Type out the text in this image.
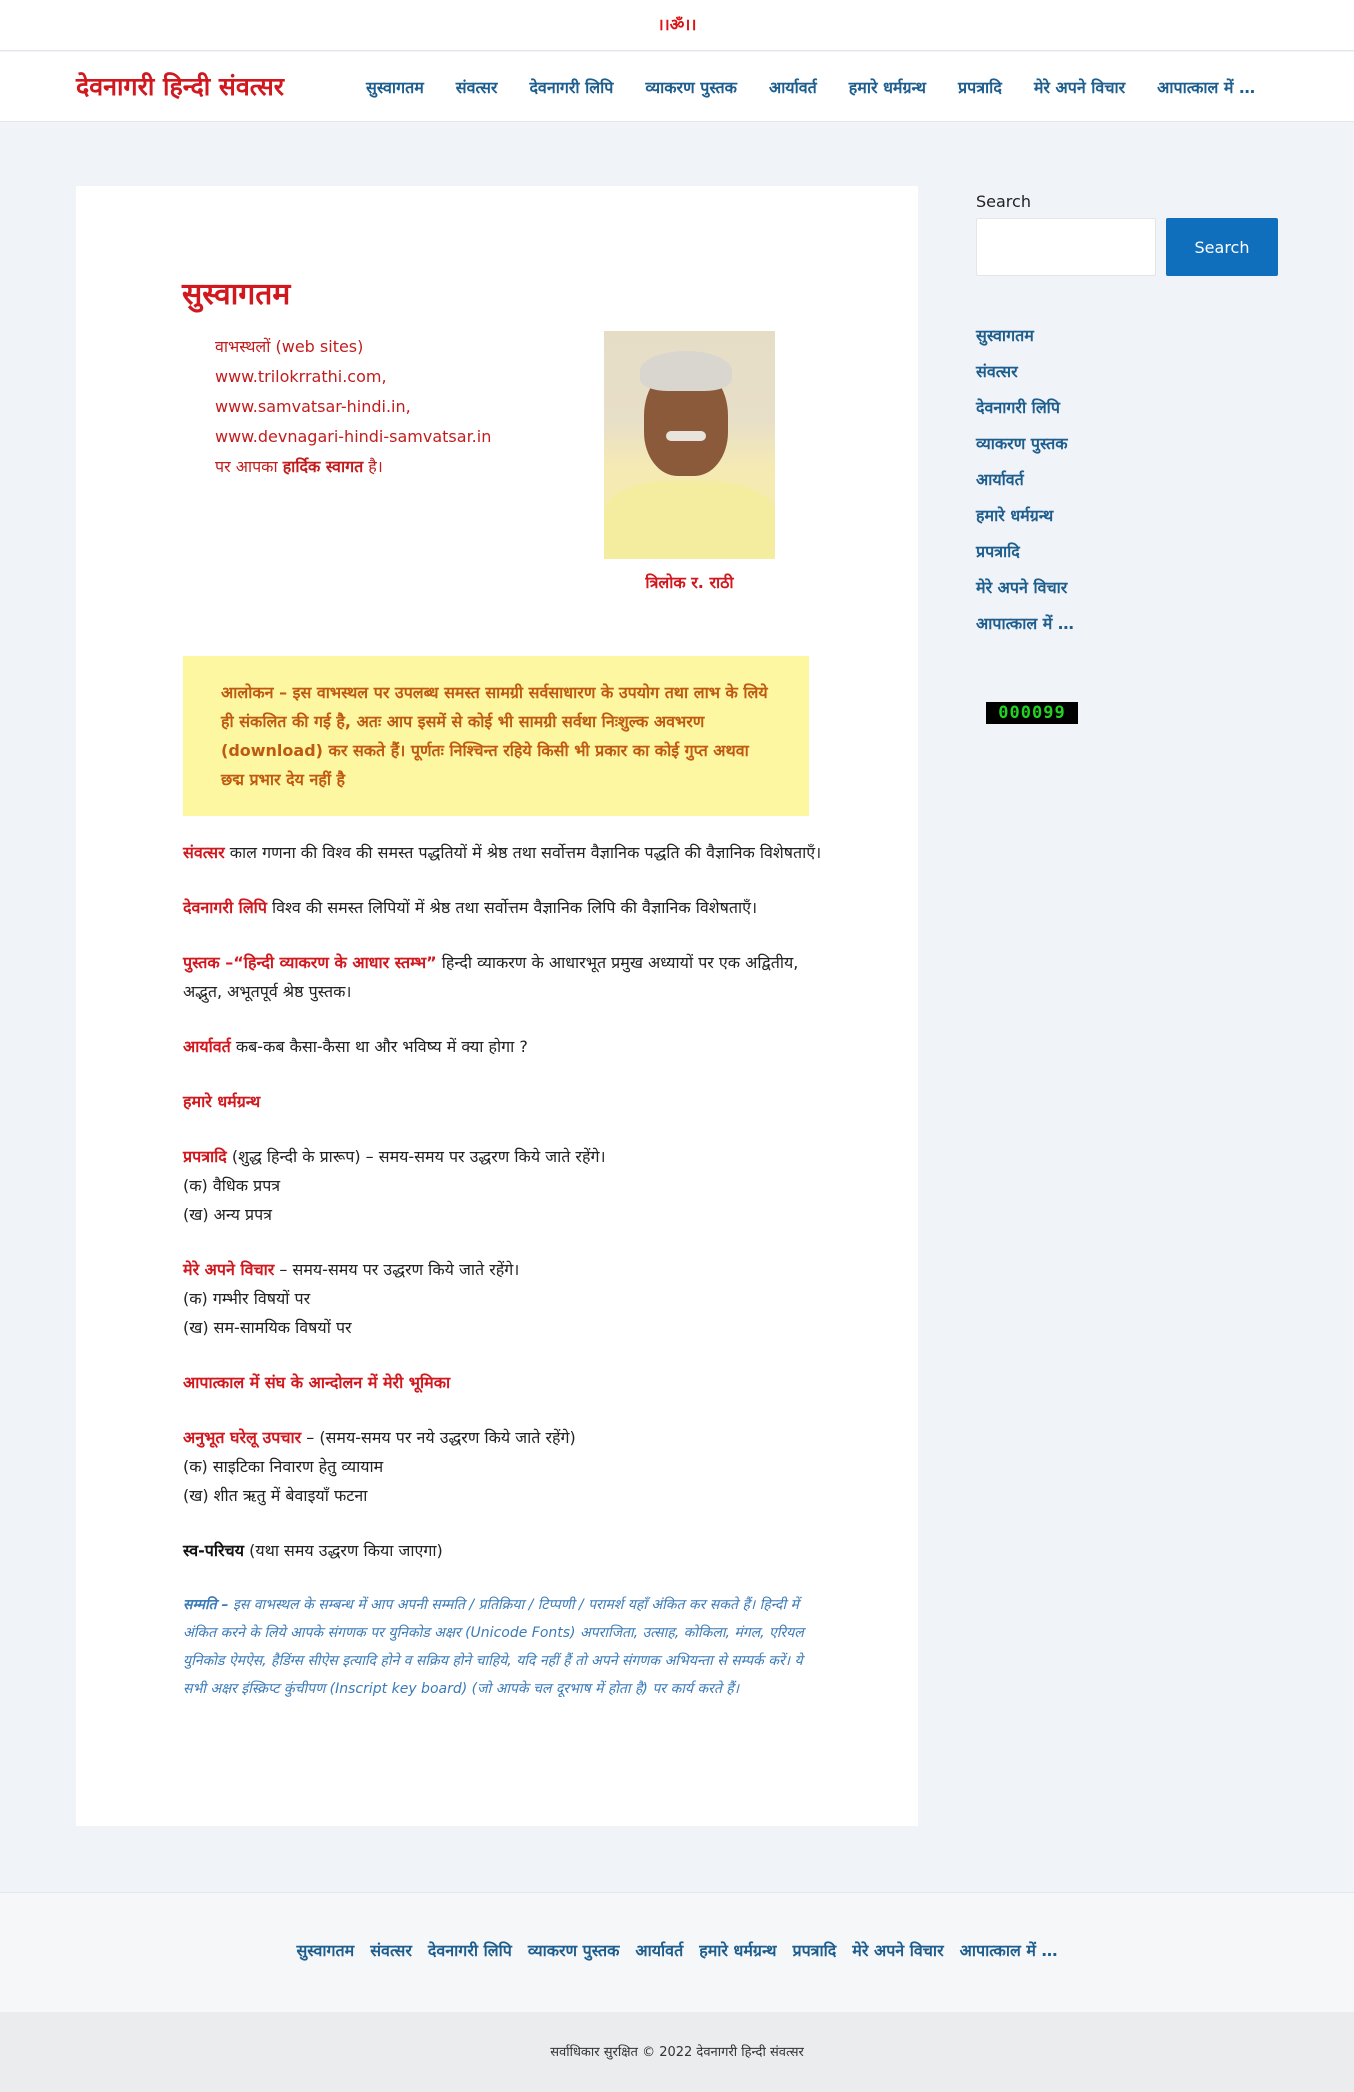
।।ॐ।।
देवनागरी हिन्दी संवत्सर	सुस्वागतम	संवत्सर	देवनागरी लिपि	व्याकरण पुस्तक	आर्यावर्त	हमारे धर्मग्रन्थ	प्रपत्रादि	मेरे अपने विचार	आपात्काल में …
सुस्वागतम
वाभस्थलों (web sites)
www.trilokrrathi.com,
www.samvatsar-hindi.in,
www.devnagari-hindi-samvatsar.in
पर आपका हार्दिक स्वागत है।
त्रिलोक र. राठी
आलोकन – इस वाभस्थल पर उपलब्ध समस्त सामग्री सर्वसाधारण के उपयोग तथा लाभ के लिये ही संकलित की गई है, अतः आप इसमें से कोई भी सामग्री सर्वथा निःशुल्क अवभरण (download) कर सकते हैं। पूर्णतः निश्चिन्त रहिये किसी भी प्रकार का कोई गुप्त अथवा छद्म प्रभार देय नहीं है

संवत्सर काल गणना की विश्व की समस्त पद्धतियों में श्रेष्ठ तथा सर्वोत्तम वैज्ञानिक पद्धति की वैज्ञानिक विशेषताएँ।

देवनागरी लिपि विश्व की समस्त लिपियों में श्रेष्ठ तथा सर्वोत्तम वैज्ञानिक लिपि की वैज्ञानिक विशेषताएँ।

पुस्तक –“हिन्दी व्याकरण के आधार स्तम्भ” हिन्दी व्याकरण के आधारभूत प्रमुख अध्यायों पर एक अद्वितीय, अद्भुत, अभूतपूर्व श्रेष्ठ पुस्तक।

आर्यावर्त कब-कब कैसा-कैसा था और भविष्य में क्या होगा ?

हमारे धर्मग्रन्थ

प्रपत्रादि (शुद्ध हिन्दी के प्रारूप) – समय-समय पर उद्धरण किये जाते रहेंगे।
(क) वैधिक प्रपत्र
(ख) अन्य प्रपत्र

मेरे अपने विचार – समय-समय पर उद्धरण किये जाते रहेंगे।
(क) गम्भीर विषयों पर
(ख) सम-सामयिक विषयों पर

आपात्काल में संघ के आन्दोलन में मेरी भूमिका

अनुभूत घरेलू उपचार – (समय-समय पर नये उद्धरण किये जाते रहेंगे)
(क) साइटिका निवारण हेतु व्यायाम
(ख) शीत ऋतु में बेवाइयाँ फटना

स्व-परिचय (यथा समय उद्धरण किया जाएगा)

सम्मति – इस वाभस्थल के सम्बन्ध में आप अपनी सम्मति / प्रतिक्रिया / टिप्पणी / परामर्श यहाँ अंकित कर सकते हैं। हिन्दी में अंकित करने के लिये आपके संगणक पर युनिकोड अक्षर (Unicode Fonts) अपराजिता, उत्साह, कोकिला, मंगल, एरियल युनिकोड ऐमऐस, हैडिंग्स सीऐस इत्यादि होने व सक्रिय होने चाहिये, यदि नहीं हैं तो अपने संगणक अभियन्ता से सम्पर्क करें। ये सभी अक्षर इंस्क्रिप्ट कुंचीपण (Inscript key board) (जो आपके चल दूरभाष में होता है) पर कार्य करते हैं।

Search
Search
सुस्वागतम
संवत्सर
देवनागरी लिपि
व्याकरण पुस्तक
आर्यावर्त
हमारे धर्मग्रन्थ
प्रपत्रादि
मेरे अपने विचार
आपात्काल में …
000099
सुस्वागतम	संवत्सर	देवनागरी लिपि	व्याकरण पुस्तक	आर्यावर्त	हमारे धर्मग्रन्थ	प्रपत्रादि	मेरे अपने विचार	आपात्काल में …
सर्वाधिकार सुरक्षित © 2022 देवनागरी हिन्दी संवत्सर
